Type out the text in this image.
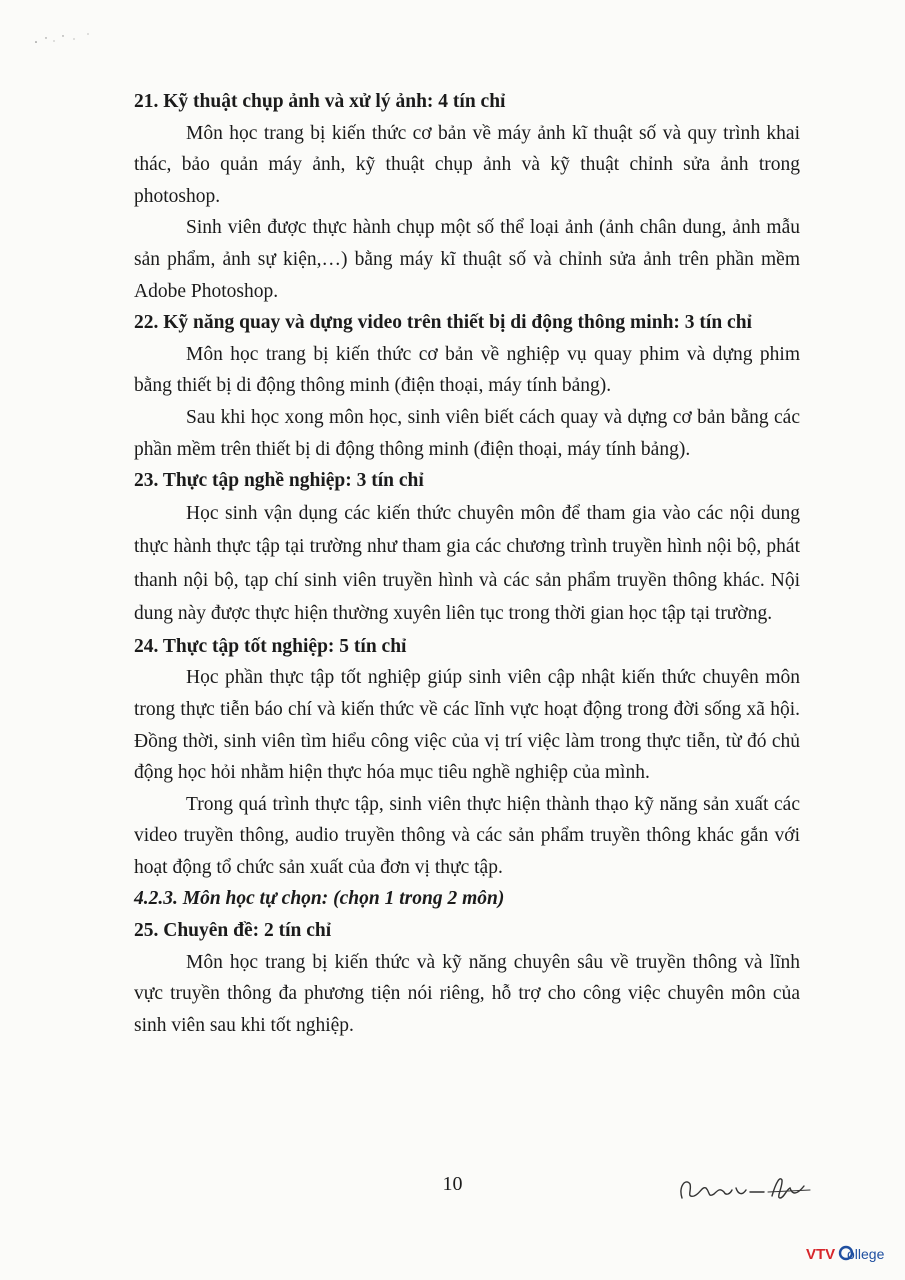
21. Kỹ thuật chụp ảnh và xử lý ảnh: 4 tín chỉ

Môn học trang bị kiến thức cơ bản về máy ảnh kĩ thuật số và quy trình khai thác, bảo quản máy ảnh, kỹ thuật chụp ảnh và kỹ thuật chỉnh sửa ảnh trong photoshop.

Sinh viên được thực hành chụp một số thể loại ảnh (ảnh chân dung, ảnh mẫu sản phẩm, ảnh sự kiện,…) bằng máy kĩ thuật số và chỉnh sửa ảnh trên phần mềm Adobe Photoshop.

22. Kỹ năng quay và dựng video trên thiết bị di động thông minh: 3 tín chỉ

Môn học trang bị kiến thức cơ bản về nghiệp vụ quay phim và dựng phim bằng thiết bị di động thông minh (điện thoại, máy tính bảng).

Sau khi học xong môn học, sinh viên biết cách quay và dựng cơ bản bằng các phần mềm trên thiết bị di động thông minh (điện thoại, máy tính bảng).

23. Thực tập nghề nghiệp: 3 tín chỉ

Học sinh vận dụng các kiến thức chuyên môn để tham gia vào các nội dung thực hành thực tập tại trường như tham gia các chương trình truyền hình nội bộ, phát thanh nội bộ, tạp chí sinh viên truyền hình và các sản phẩm truyền thông khác. Nội dung này được thực hiện thường xuyên liên tục trong thời gian học tập tại trường.

24. Thực tập tốt nghiệp: 5 tín chỉ

Học phần thực tập tốt nghiệp giúp sinh viên cập nhật kiến thức chuyên môn trong thực tiễn báo chí và kiến thức về các lĩnh vực hoạt động trong đời sống xã hội. Đồng thời, sinh viên tìm hiểu công việc của vị trí việc làm trong thực tiễn, từ đó chủ động học hỏi nhằm hiện thực hóa mục tiêu nghề nghiệp của mình.

Trong quá trình thực tập, sinh viên thực hiện thành thạo kỹ năng sản xuất các video truyền thông, audio truyền thông và các sản phẩm truyền thông khác gắn với hoạt động tổ chức sản xuất của đơn vị thực tập.

4.2.3. Môn học tự chọn: (chọn 1 trong 2 môn)

25. Chuyên đề: 2 tín chỉ

Môn học trang bị kiến thức và kỹ năng chuyên sâu về truyền thông và lĩnh vực truyền thông đa phương tiện nói riêng, hỗ trợ cho công việc chuyên môn của sinh viên sau khi tốt nghiệp.

10
VTV ollege
